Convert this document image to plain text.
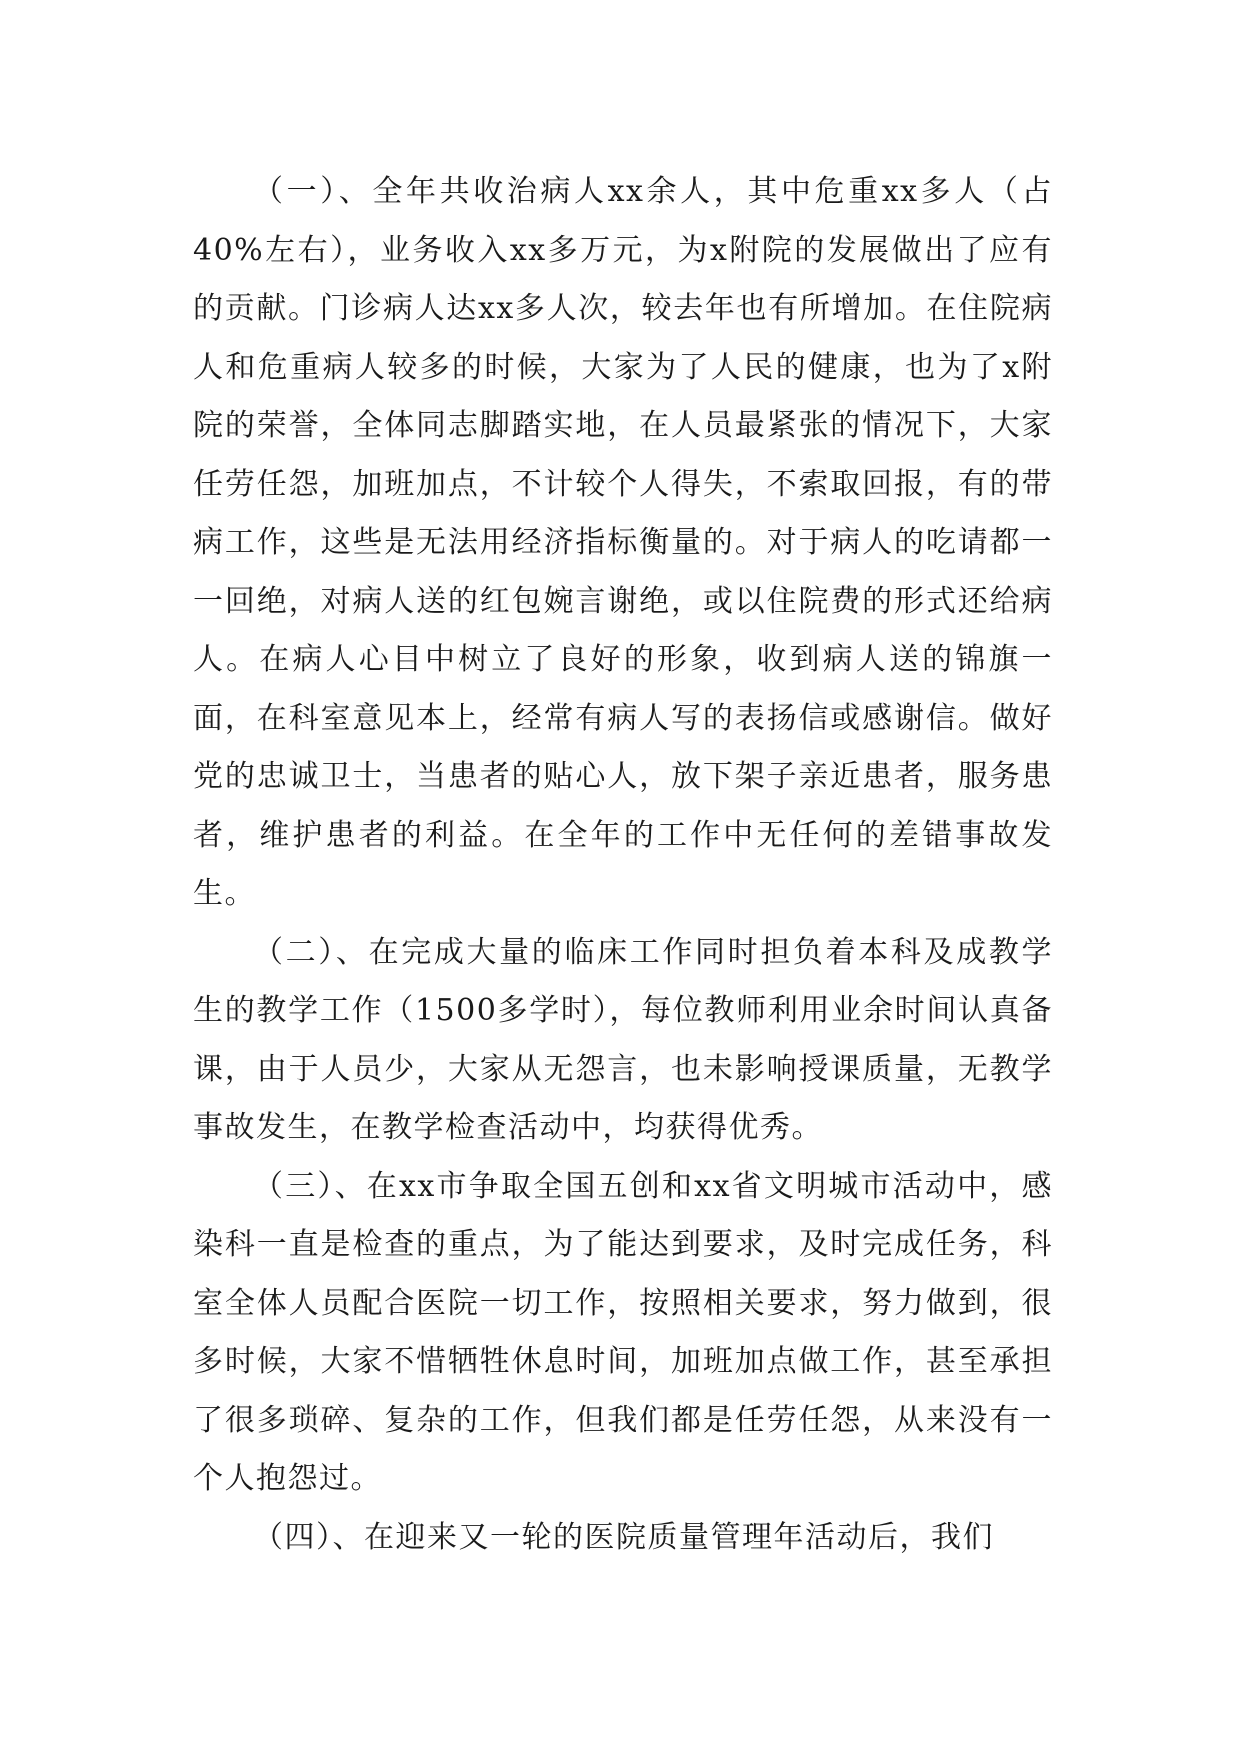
（一）、全年共收治病人xx余人，其中危重xx多人（占40%左右），业务收入xx多万元，为x附院的发展做出了应有的贡献。门诊病人达xx多人次，较去年也有所增加。在住院病人和危重病人较多的时候，大家为了人民的健康，也为了x附院的荣誉，全体同志脚踏实地，在人员最紧张的情况下，大家任劳任怨，加班加点，不计较个人得失，不索取回报，有的带病工作，这些是无法用经济指标衡量的。对于病人的吃请都一一回绝，对病人送的红包婉言谢绝，或以住院费的形式还给病人。在病人心目中树立了良好的形象，收到病人送的锦旗一面，在科室意见本上，经常有病人写的表扬信或感谢信。做好党的忠诚卫士，当患者的贴心人，放下架子亲近患者，服务患者，维护患者的利益。在全年的工作中无任何的差错事故发生。

（二）、在完成大量的临床工作同时担负着本科及成教学生的教学工作（1500多学时），每位教师利用业余时间认真备课，由于人员少，大家从无怨言，也未影响授课质量，无教学事故发生，在教学检查活动中，均获得优秀。

（三）、在xx市争取全国五创和xx省文明城市活动中，感染科一直是检查的重点，为了能达到要求，及时完成任务，科室全体人员配合医院一切工作，按照相关要求，努力做到，很多时候，大家不惜牺牲休息时间，加班加点做工作，甚至承担了很多琐碎、复杂的工作，但我们都是任劳任怨，从来没有一个人抱怨过。

（四）、在迎来又一轮的医院质量管理年活动后，我们
